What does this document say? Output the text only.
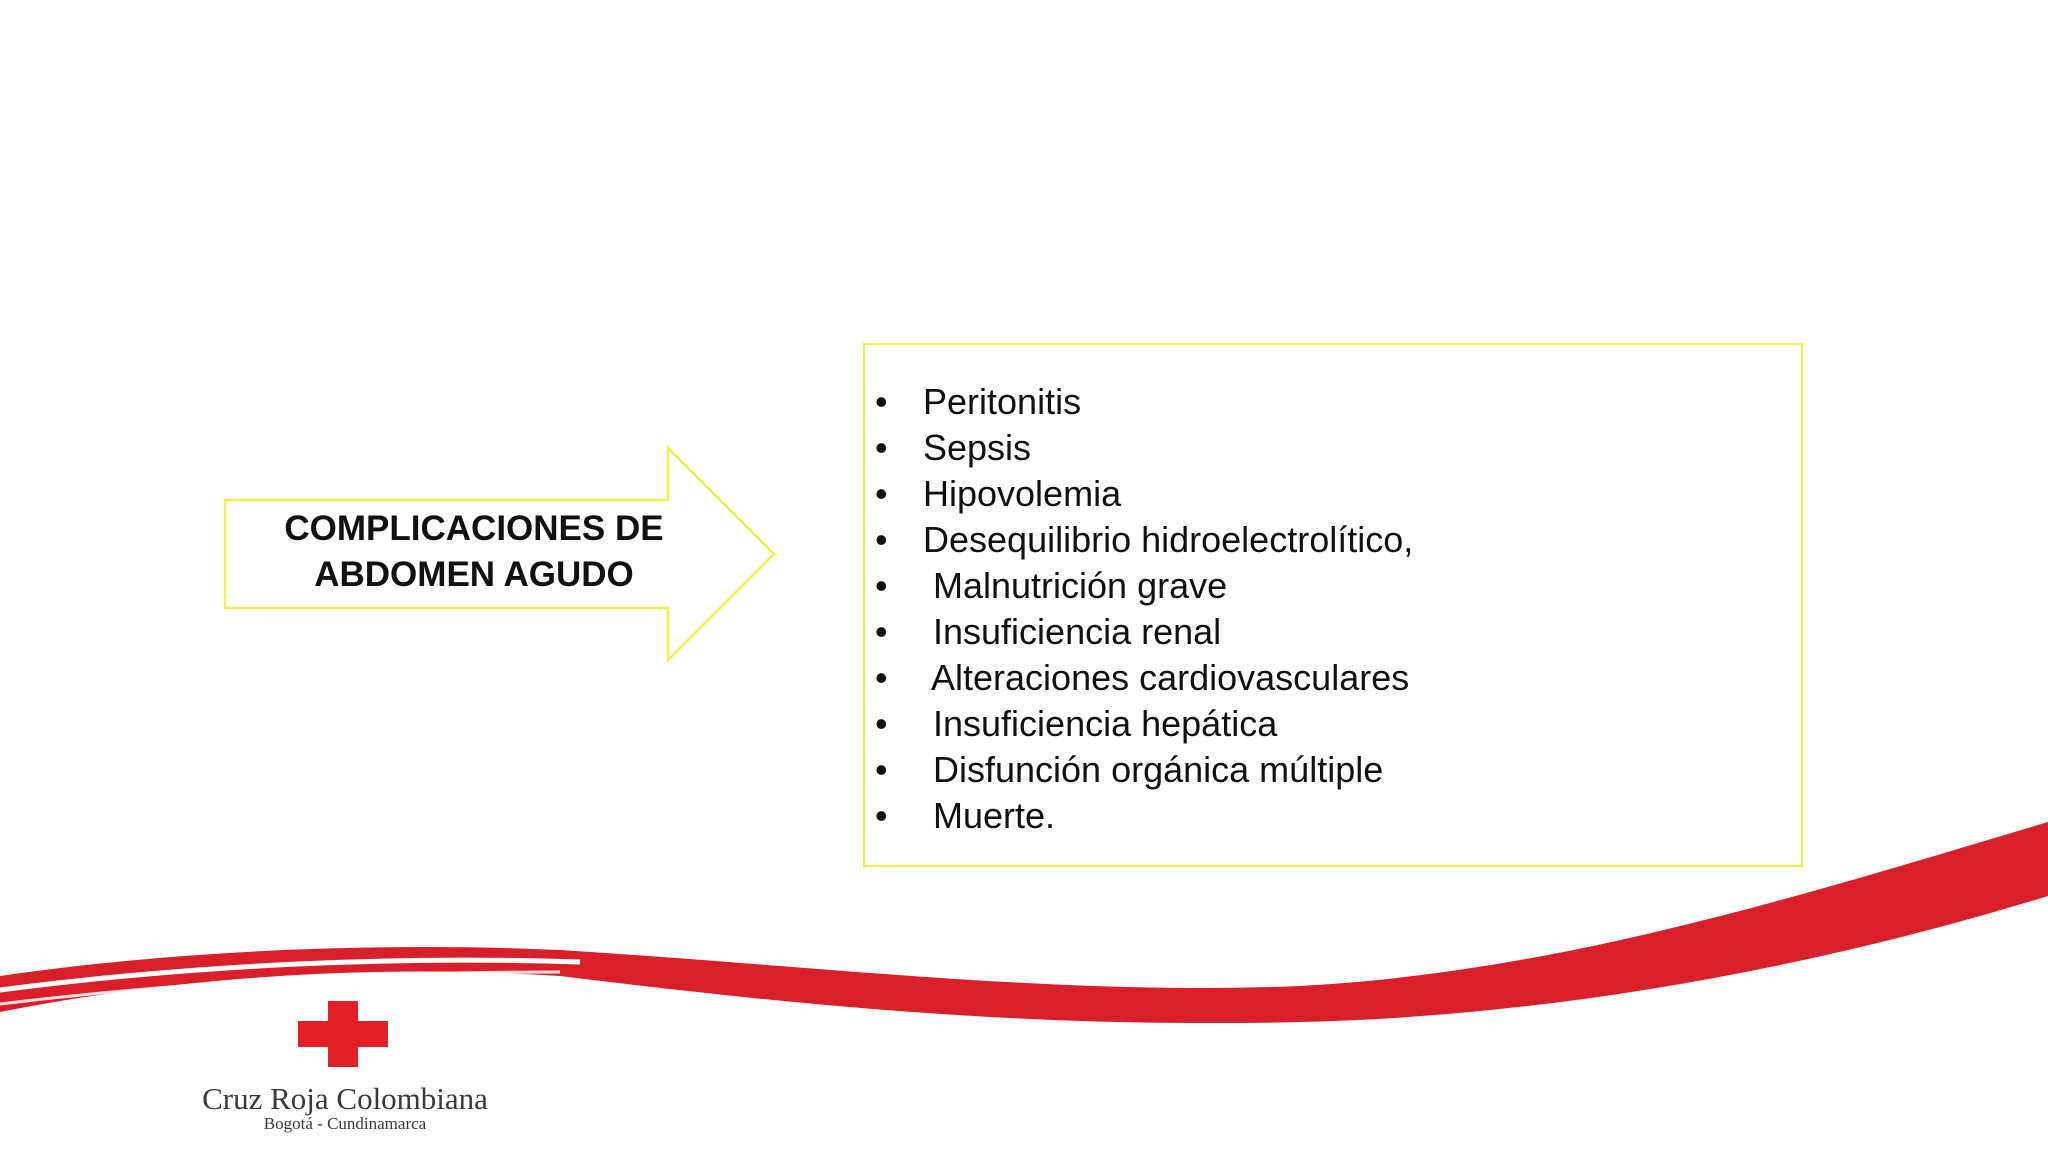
COMPLICACIONES DE
ABDOMEN AGUDO
• Peritonitis
• Sepsis
• Hipovolemia
• Desequilibrio hidroelectrolítico,
•	Malnutrición grave
•	Insuficiencia renal
•	Alteraciones cardiovasculares
•	Insuficiencia hepática
•	Disfunción orgánica múltiple
•	Muerte.
Cruz Roja Colombiana
Bogotá - Cundinamarca
